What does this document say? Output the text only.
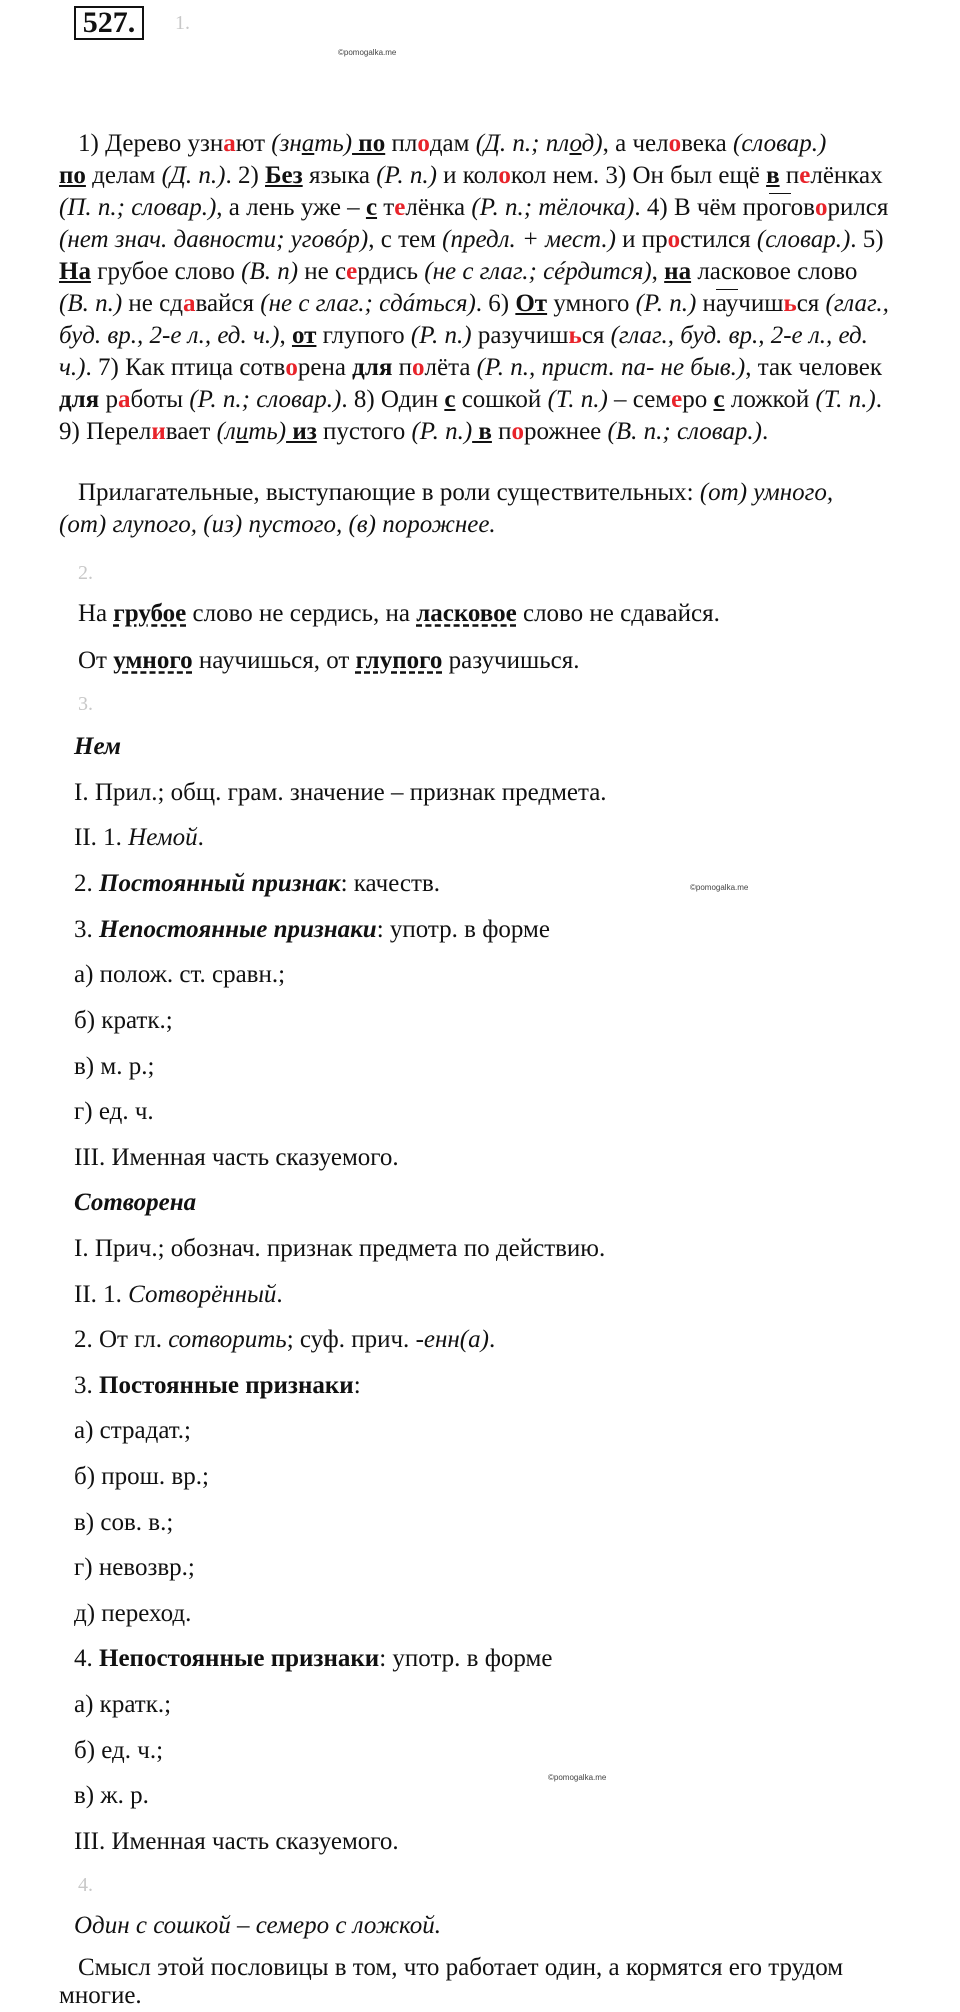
527.	1.
©pomogalka.me
1) Дерево узнают (знать) по плодам (Д. п.; плод), а человека (словар.)
по делам (Д. п.). 2) Без языка (Р. п.) и колокол нем. 3) Он был ещё в пелёнках
(П. п.; словар.), а лень уже – с телёнка (Р. п.; тёлочка). 4) В чём проговорился
(нет знач. давности; уговóр), с тем (предл. + мест.) и простился (словар.). 5)
На грубое слово (В. п) не сердись (не с глаг.; сéрдится), на ласковое слово
(В. п.) не сдавайся (не с глаг.; сдáться). 6) От умного (Р. п.) научишься (глаг.,
буд. вр., 2-е л., ед. ч.), от глупого (Р. п.) разучишься (глаг., буд. вр., 2-е л., ед.
ч.). 7) Как птица сотворена для полёта (Р. п., прист. па- не быв.), так человек
для работы (Р. п.; словар.). 8) Один с сошкой (Т. п.) – семеро с ложкой (Т. п.).
9) Переливает (лить) из пустого (Р. п.) в порожнее (В. п.; словар.).
Прилагательные, выступающие в роли существительных: (от) умного,
(от) глупого, (из) пустого, (в) порожнее.
2.
На грубое слово не сердись, на ласковое слово не сдавайся.
От умного научишься, от глупого разучишься.
3.
Нем
I. Прил.; общ. грам. значение – признак предмета.
II. 1. Немой.
2. Постоянный признак: качеств.	©pomogalka.me
3. Непостоянные признаки: употр. в форме
а) полож. ст. сравн.;
б) кратк.;
в) м. р.;
г) ед. ч.
III. Именная часть сказуемого.
Сотворена
I. Прич.; обознач. признак предмета по действию.
II. 1. Сотворённый.
2. От гл. сотворить; суф. прич. -енн(а).
3. Постоянные признаки:
а) страдат.;
б) прош. вр.;
в) сов. в.;
г) невозвр.;
д) переход.
4. Непостоянные признаки: употр. в форме
а) кратк.;
б) ед. ч.;
в) ж. р.
©pomogalka.me
III. Именная часть сказуемого.
4.
Один с сошкой – семеро с ложкой.
Смысл этой пословицы в том, что работает один, а кормятся его трудом
многие.
